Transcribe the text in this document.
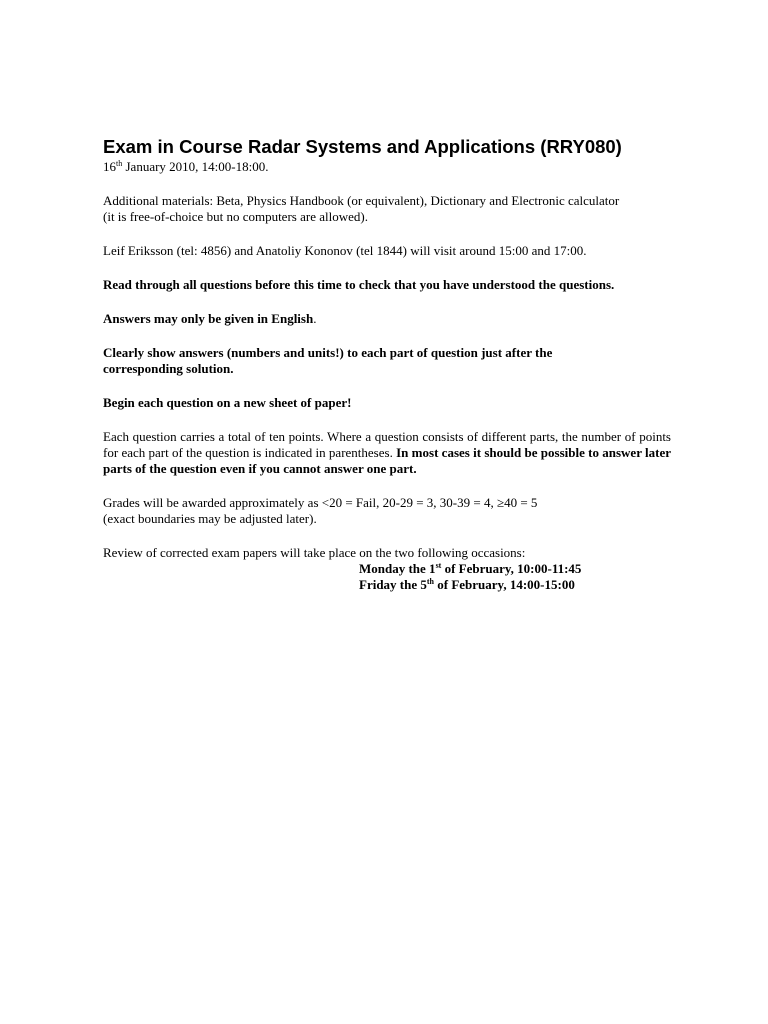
Exam in Course Radar Systems and Applications (RRY080)

16th January 2010, 14:00-18:00.

Additional materials: Beta, Physics Handbook (or equivalent), Dictionary and Electronic calculator
(it is free-of-choice but no computers are allowed).

Leif Eriksson (tel: 4856) and Anatoliy Kononov (tel 1844) will visit around 15:00 and 17:00.

Read through all questions before this time to check that you have understood the questions.

Answers may only be given in English.

Clearly show answers (numbers and units!) to each part of question just after the
corresponding solution.

Begin each question on a new sheet of paper!

Each question carries a total of ten points. Where a question consists of different parts, the number of points for each part of the question is indicated in parentheses. In most cases it should be possible to answer later parts of the question even if you cannot answer one part.

Grades will be awarded approximately as <20 = Fail, 20-29 = 3, 30-39 = 4, ≥40 = 5
(exact boundaries may be adjusted later).

Review of corrected exam papers will take place on the two following occasions:

Monday the 1st of February, 10:00-11:45
Friday the 5th of February, 14:00-15:00
